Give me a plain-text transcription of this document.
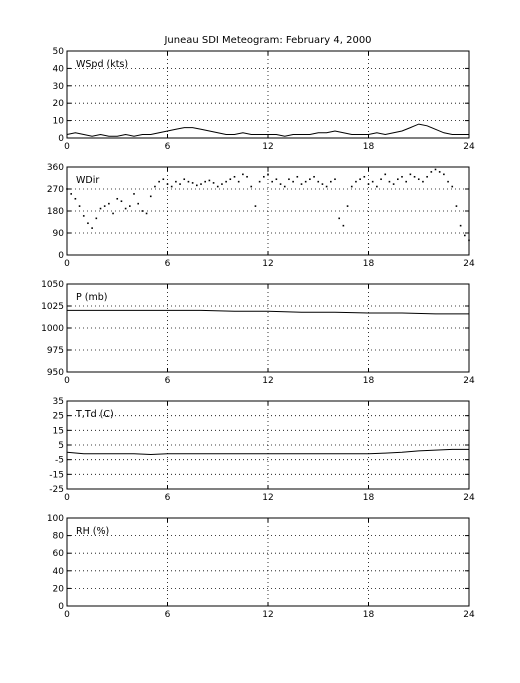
Juneau SDI Meteogram: February 4, 2000
0	6	12	18	24
0
10
20
30
40
50
WSpd (kts)
0	6	12	18	24
0
90
180
270
360
WDir
0	6	12	18	24
950
975
1000
1025
1050
P (mb)
0	6	12	18	24
-25
-15
-5
5
15
25
35
T,Td (C)
0	6	12	18	24
0
20
40
60
80
100
RH (%)
